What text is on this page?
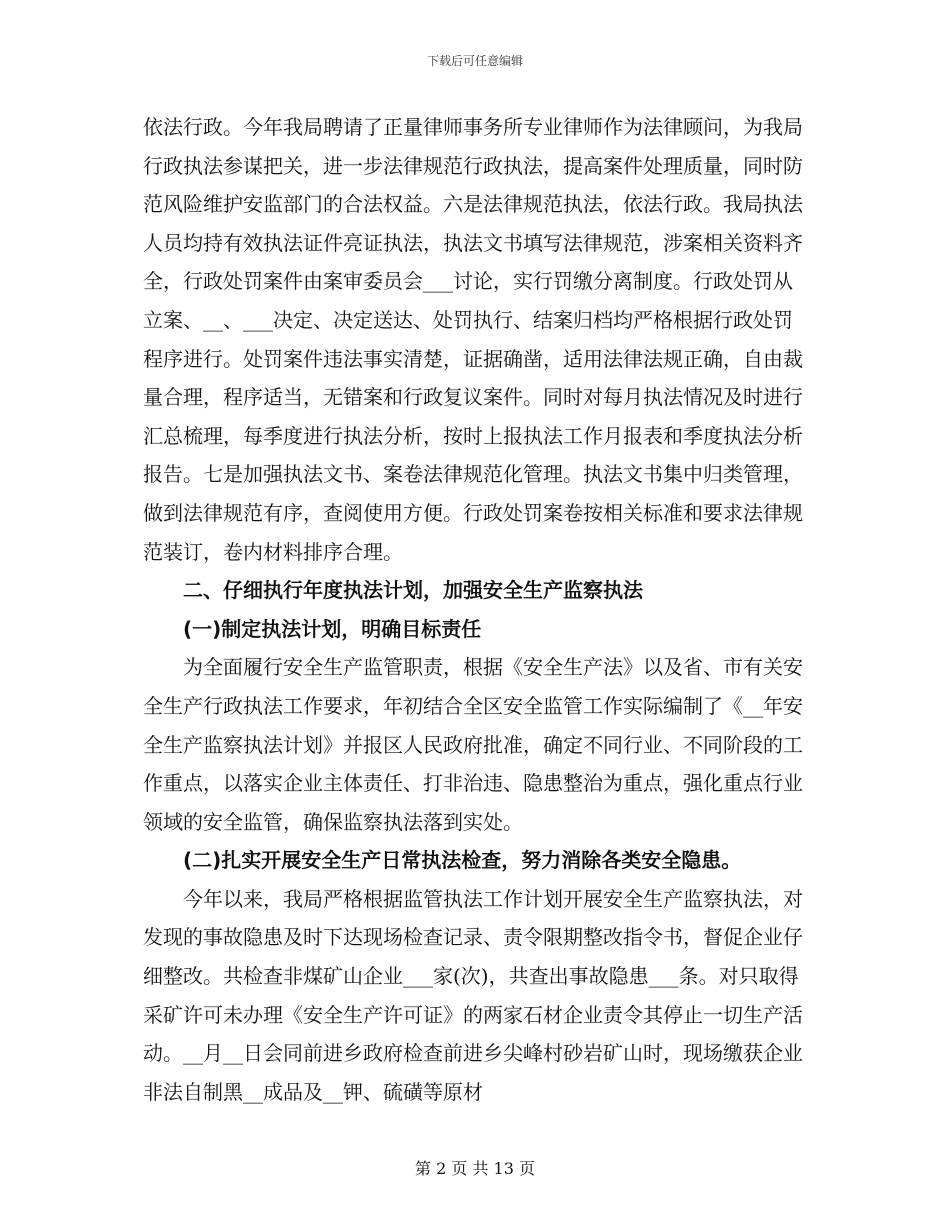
下载后可任意编辑

依法行政。今年我局聘请了正量律师事务所专业律师作为法律顾问，为我局行政执法参谋把关，进一步法律规范行政执法，提高案件处理质量，同时防范风险维护安监部门的合法权益。六是法律规范执法，依法行政。我局执法人员均持有效执法证件亮证执法，执法文书填写法律规范，涉案相关资料齐全，行政处罚案件由案审委员会___讨论，实行罚缴分离制度。行政处罚从立案、__、___决定、决定送达、处罚执行、结案归档均严格根据行政处罚程序进行。处罚案件违法事实清楚，证据确凿，适用法律法规正确，自由裁量合理，程序适当，无错案和行政复议案件。同时对每月执法情况及时进行汇总梳理，每季度进行执法分析，按时上报执法工作月报表和季度执法分析报告。七是加强执法文书、案卷法律规范化管理。执法文书集中归类管理，做到法律规范有序，查阅使用方便。行政处罚案卷按相关标准和要求法律规范装订，卷内材料排序合理。

二、仔细执行年度执法计划，加强安全生产监察执法

(一)制定执法计划，明确目标责任

为全面履行安全生产监管职责，根据《安全生产法》以及省、市有关安全生产行政执法工作要求，年初结合全区安全监管工作实际编制了《__年安全生产监察执法计划》并报区人民政府批准，确定不同行业、不同阶段的工作重点，以落实企业主体责任、打非治违、隐患整治为重点，强化重点行业领域的安全监管，确保监察执法落到实处。

(二)扎实开展安全生产日常执法检查，努力消除各类安全隐患。

今年以来，我局严格根据监管执法工作计划开展安全生产监察执法，对发现的事故隐患及时下达现场检查记录、责令限期整改指令书，督促企业仔细整改。共检查非煤矿山企业___家(次)，共查出事故隐患___条。对只取得采矿许可未办理《安全生产许可证》的两家石材企业责令其停止一切生产活动。__月__日会同前进乡政府检查前进乡尖峰村砂岩矿山时，现场缴获企业非法自制黑__成品及__钾、硫磺等原材

第 2 页 共 13 页
